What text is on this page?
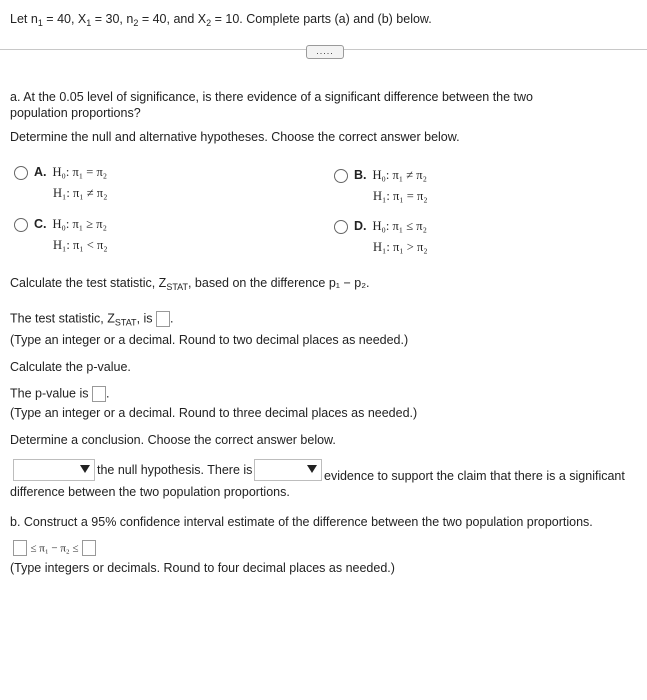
Let $n_1 = 40$, $X_1 = 30$, $n_2 = 40$, and $X_2 = 10$. Complete parts (a) and (b) below.
.....
a. At the 0.05 level of significance, is there evidence of a significant difference between the two
population proportions?
Determine the null and alternative hypotheses. Choose the correct answer below.
A. H₀: π₁ = π₂
H₁: π₁ ≠ π₂
B. H₀: π₁ ≠ π₂
H₁: π₁ = π₂
C. H₀: π₁ ≥ π₂
H₁: π₁ < π₂
D. H₀: π₁ ≤ π₂
H₁: π₁ > π₂
Calculate the test statistic, $Z_{STAT}$, based on the difference p₁ − p₂.
The test statistic, $Z_{STAT}$, is .
(Type an integer or a decimal. Round to two decimal places as needed.)
Calculate the p-value.
The p-value is .
(Type an integer or a decimal. Round to three decimal places as needed.)
Determine a conclusion. Choose the correct answer below.
the null hypothesis. There is	evidence to support the claim that there is a significant
difference between the two population proportions.
b. Construct a 95% confidence interval estimate of the difference between the two population proportions.
≤ π₁ − π₂ ≤
(Type integers or decimals. Round to four decimal places as needed.)
